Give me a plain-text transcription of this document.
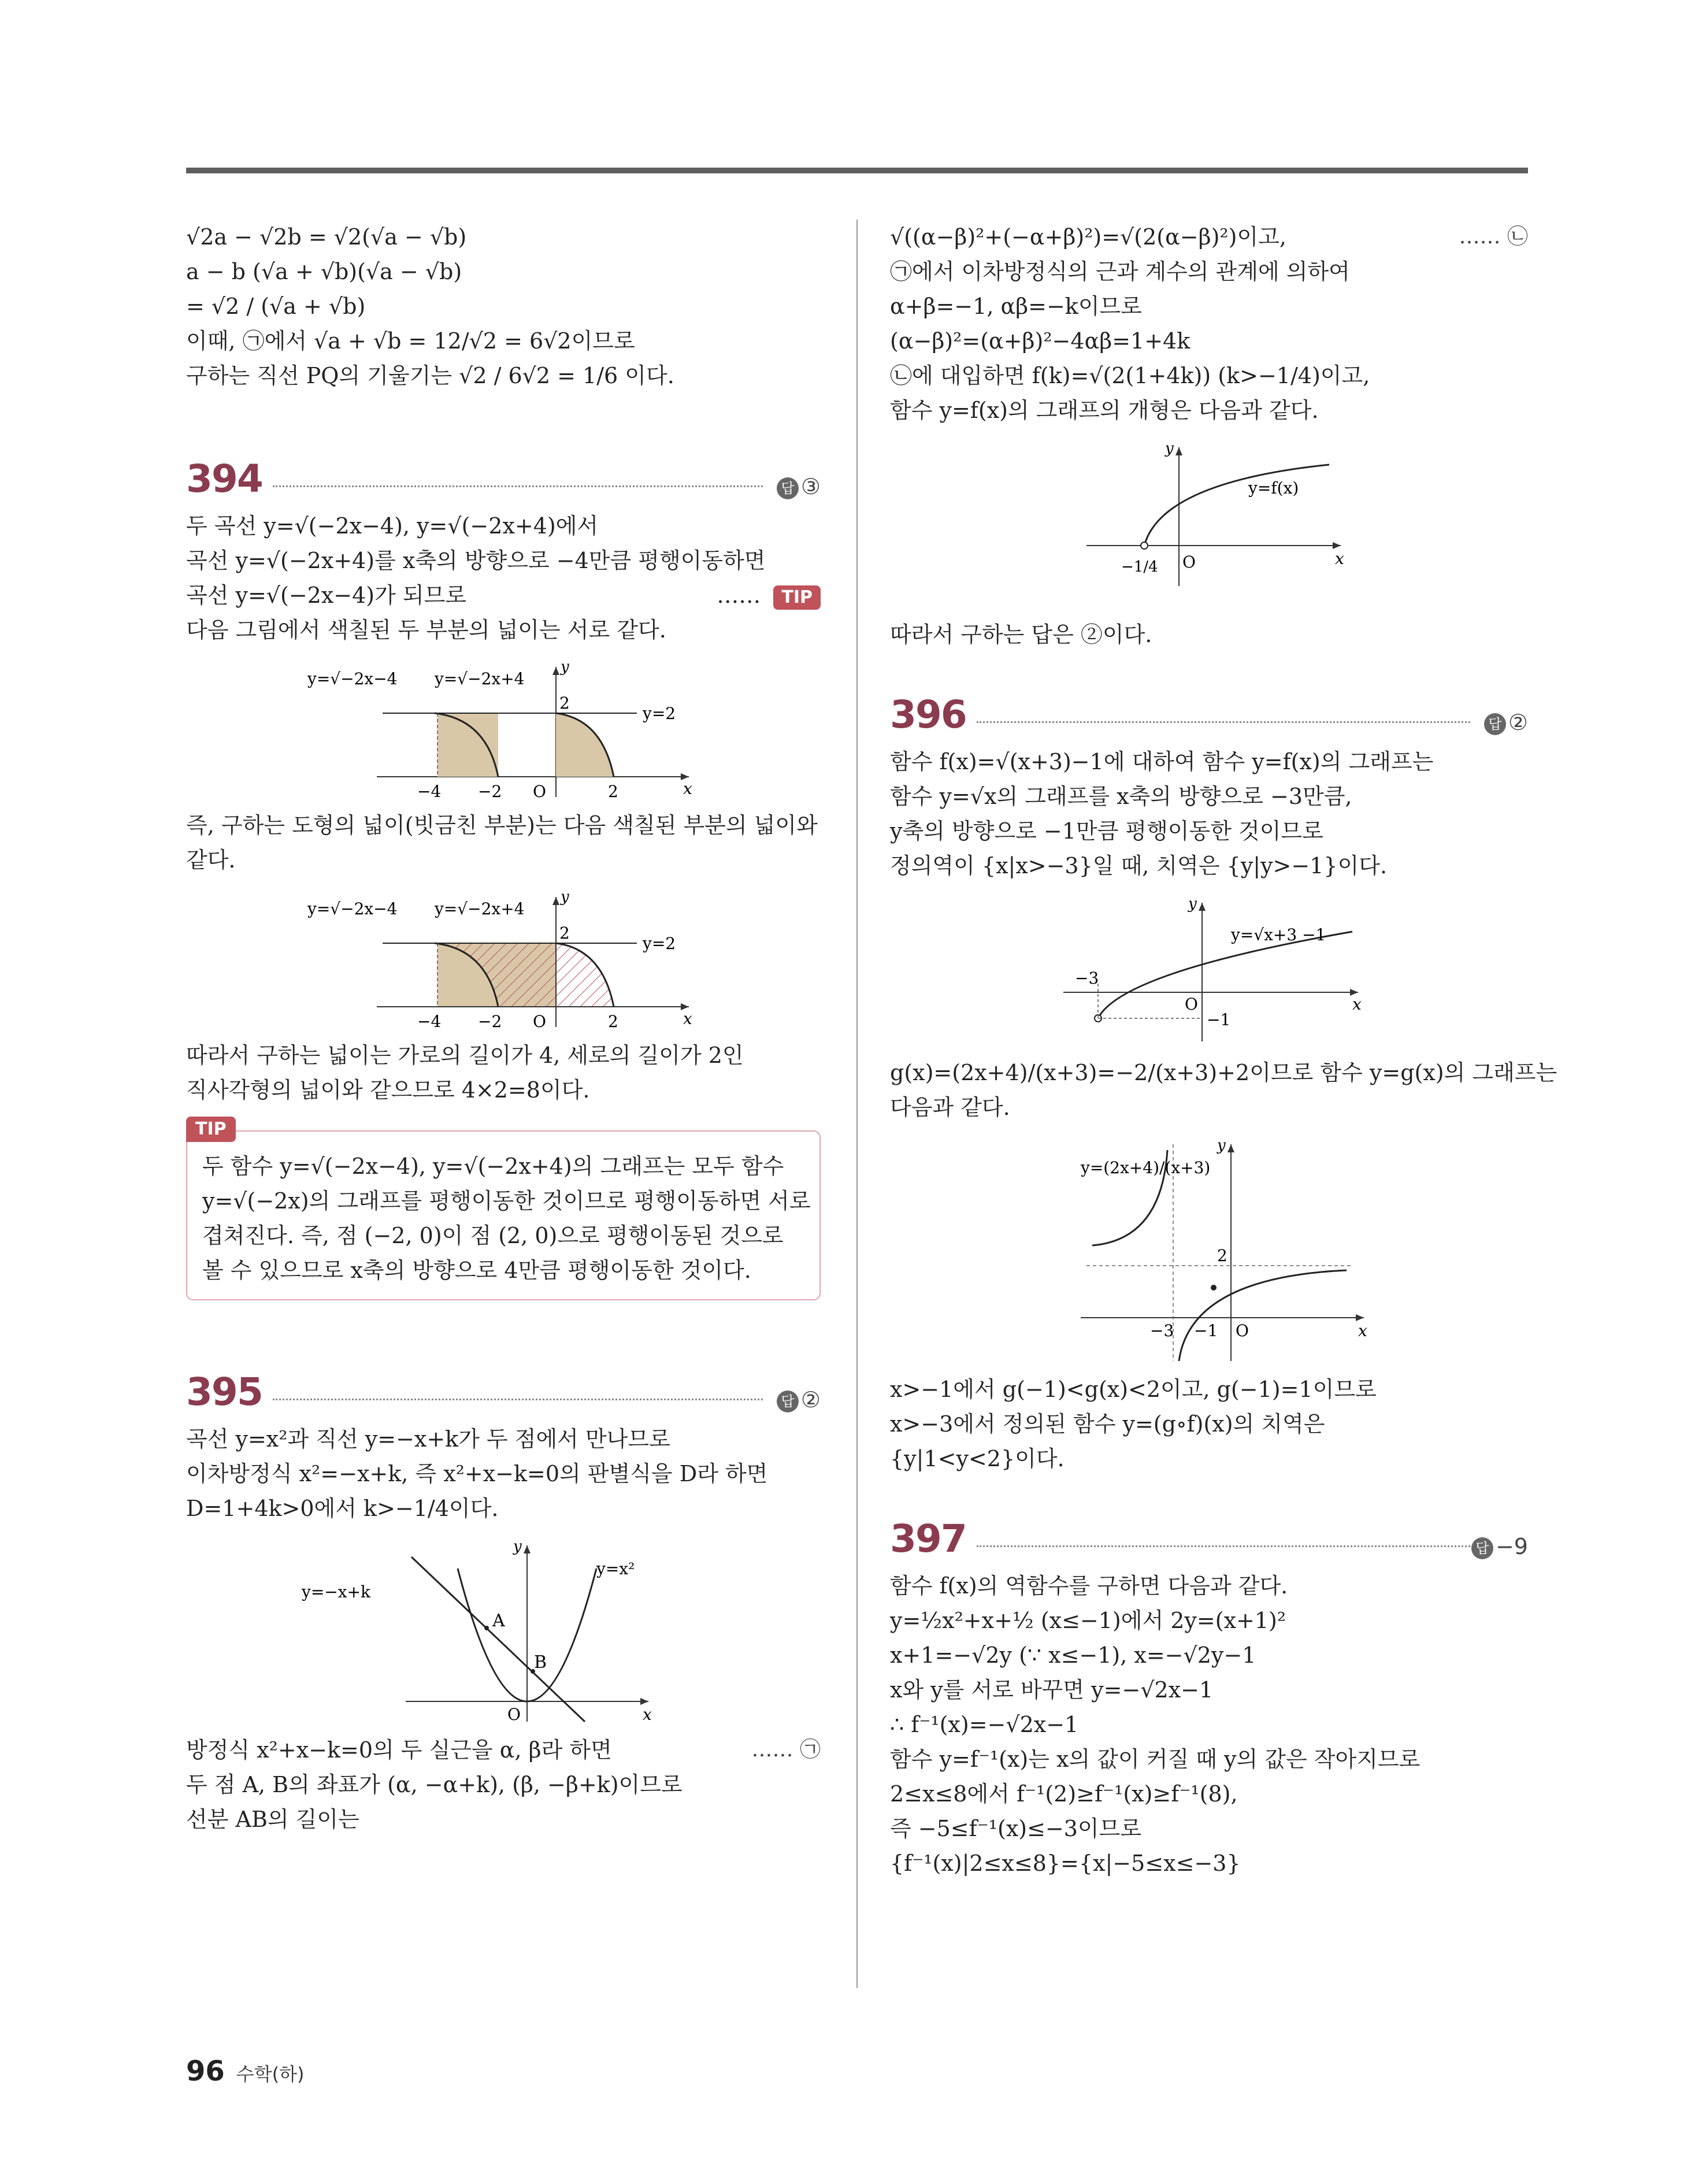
√2a − √2b = √2(√a − √b)
a − b (√a + √b)(√a − √b)
= √2 / (√a + √b)
이때, ㉠에서 √a + √b = 12/√2 = 6√2이므로
구하는 직선 PQ의 기울기는 √2 / 6√2 = 1/6 이다.
394	답 ③
두 곡선 y=√(−2x−4), y=√(−2x+4)에서
곡선 y=√(−2x+4)를 x축의 방향으로 −4만큼 평행이동하면
곡선 y=√(−2x−4)가 되므로	…… TIP
다음 그림에서 색칠된 두 부분의 넓이는 서로 같다.
y=√−2x−4 y=√−2x+4
y=2
y
x
−4 −2 O	2
2
즉, 구하는 도형의 넓이(빗금친 부분)는 다음 색칠된 부분의 넓이와
같다.
y=√−2x−4 y=√−2x+4
y=2
y
x
−4 −2 O	2
2
따라서 구하는 넓이는 가로의 길이가 4, 세로의 길이가 2인
직사각형의 넓이와 같으므로 4×2=8이다.
TIP
두 함수 y=√(−2x−4), y=√(−2x+4)의 그래프는 모두 함수
y=√(−2x)의 그래프를 평행이동한 것이므로 평행이동하면 서로
겹쳐진다. 즉, 점 (−2, 0)이 점 (2, 0)으로 평행이동된 것으로
볼 수 있으므로 x축의 방향으로 4만큼 평행이동한 것이다.
395	답 ②
곡선 y=x²과 직선 y=−x+k가 두 점에서 만나므로
이차방정식 x²=−x+k, 즉 x²+x−k=0의 판별식을 D라 하면
D=1+4k>0에서 k>−1/4이다.
y=−x+k
y=x²
A
B
O	x
y
방정식 x²+x−k=0의 두 실근을 α, β라 하면	…… ㉠
두 점 A, B의 좌표가 (α, −α+k), (β, −β+k)이므로
선분 AB의 길이는
√((α−β)²+(−α+β)²)=√(2(α−β)²)이고,	…… ㉡
㉠에서 이차방정식의 근과 계수의 관계에 의하여
α+β=−1, αβ=−k이므로
(α−β)²=(α+β)²−4αβ=1+4k
㉡에 대입하면 f(k)=√(2(1+4k)) (k>−1/4)이고,
함수 y=f(x)의 그래프의 개형은 다음과 같다.
y=f(x)
y
x
O
−1/4
따라서 구하는 답은 ②이다.
396	답 ②
함수 f(x)=√(x+3)−1에 대하여 함수 y=f(x)의 그래프는
함수 y=√x의 그래프를 x축의 방향으로 −3만큼,
y축의 방향으로 −1만큼 평행이동한 것이므로
정의역이 {x|x>−3}일 때, 치역은 {y|y>−1}이다.
y=√x+3 −1
y
x
O
−3
−1
g(x)=(2x+4)/(x+3)=−2/(x+3)+2이므로 함수 y=g(x)의 그래프는
다음과 같다.
y=(2x+4)/(x+3)
y
x
O
−3 −1
2
x>−1에서 g(−1)<g(x)<2이고, g(−1)=1이므로
x>−3에서 정의된 함수 y=(g∘f)(x)의 치역은
{y|1<y<2}이다.
397	답 −9
함수 f(x)의 역함수를 구하면 다음과 같다.
y=½x²+x+½ (x≤−1)에서 2y=(x+1)²
x+1=−√2y (∵ x≤−1), x=−√2y−1
x와 y를 서로 바꾸면 y=−√2x−1
∴ f⁻¹(x)=−√2x−1
함수 y=f⁻¹(x)는 x의 값이 커질 때 y의 값은 작아지므로
2≤x≤8에서 f⁻¹(2)≥f⁻¹(x)≥f⁻¹(8),
즉 −5≤f⁻¹(x)≤−3이므로
{f⁻¹(x)|2≤x≤8}={x|−5≤x≤−3}
96 수학(하)
